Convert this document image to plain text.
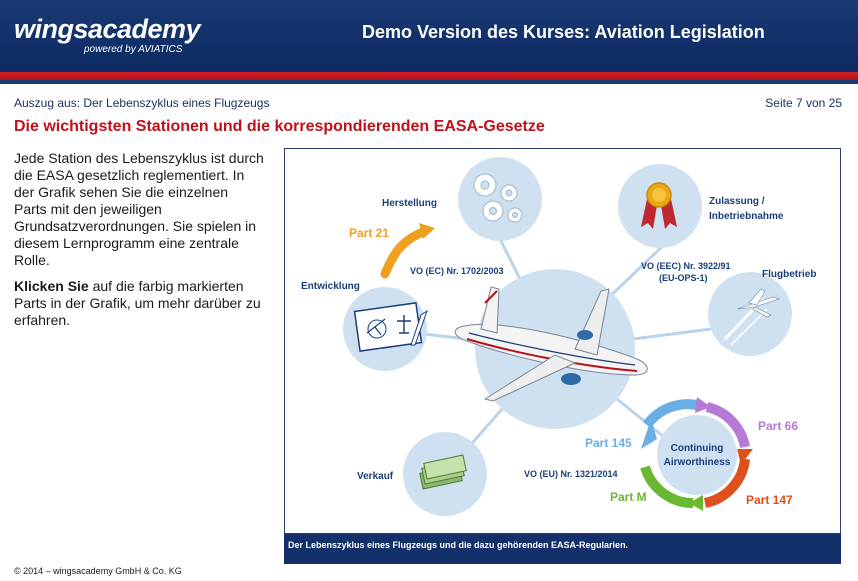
wingsacademy
powered by AVIATICS
Demo Version des Kurses: Aviation Legislation
Auszug aus: Der Lebenszyklus eines Flugzeugs	Seite 7 von 25
Die wichtigsten Stationen und die korrespondierenden EASA-Gesetze
Jede Station des Lebenszyklus ist durch die EASA gesetzlich reglementiert. In der Grafik sehen Sie die einzelnen Parts mit den jeweiligen Grundsatzverordnungen. Sie spielen in diesem Lernprogramm eine zentrale Rolle.
Klicken Sie auf die farbig markierten Parts in der Grafik, um mehr darüber zu erfahren.
Herstellung	Zulassung /
Inbetriebnahme
Flugbetrieb
Entwicklung
Verkauf
VO (EC) Nr. 1702/2003	VO (EEC) Nr. 3922/91
(EU-OPS-1)
VO (EU) Nr. 1321/2014
Part 21
Part 145
Part 66
Part 147
Part M
Continuing
Airworthiness
Der Lebenszyklus eines Flugzeugs und die dazu gehörenden EASA-Regularien.
© 2014 – wingsacademy GmbH & Co. KG
